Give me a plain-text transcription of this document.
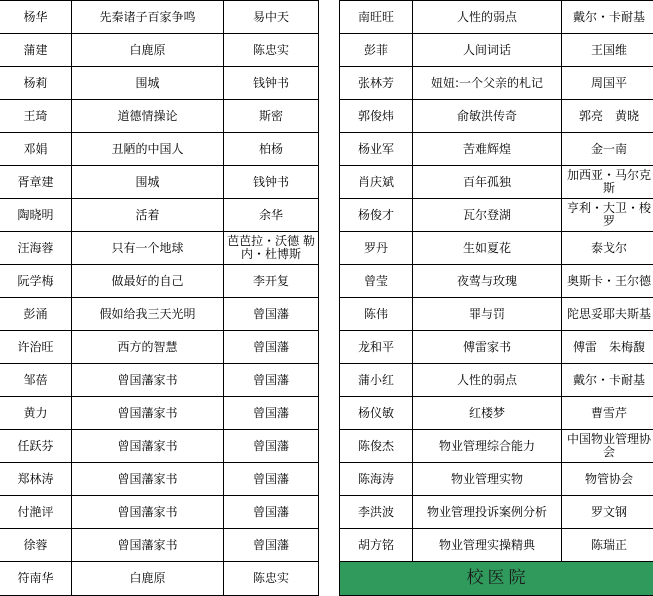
杨华	先秦诸子百家争鸣	易中天
蒲建	白鹿原	陈忠实
杨莉	围城	钱钟书
王琦	道德情操论	斯密
邓娟	丑陋的中国人	柏杨
胥章建	围城	钱钟书
陶晓明	活着	余华
汪海蓉	只有一个地球	芭芭拉・沃德 勒内・杜博斯
阮学梅	做最好的自己	李开复
彭涌	假如给我三天光明	曾国藩
许治旺	西方的智慧	曾国藩
邹蓓	曾国藩家书	曾国藩
黄力	曾国藩家书	曾国藩
任跃芬	曾国藩家书	曾国藩
郑林涛	曾国藩家书	曾国藩
付滟评	曾国藩家书	曾国藩
徐蓉	曾国藩家书	曾国藩
符南华	白鹿原	陈忠实
南旺旺	人性的弱点	戴尔・卡耐基
彭菲	人间词话	王国维
张林芳	妞妞:一个父亲的札记	周国平
郭俊炜	俞敏洪传奇	郭亮　黄晓
杨业军	苦难辉煌	金一南
肖庆斌	百年孤独	加西亚・马尔克斯
杨俊才	瓦尔登湖	亨利・大卫・梭罗
罗丹	生如夏花	泰戈尔
曾莹	夜莺与玫瑰	奥斯卡・王尔德
陈伟	罪与罚	陀思妥耶夫斯基
龙和平	傅雷家书	傅雷　朱梅馥
蒲小红	人性的弱点	戴尔・卡耐基
杨仪敏	红楼梦	曹雪芹
陈俊杰	物业管理综合能力	中国物业管理协会
陈海涛	物业管理实物	物管协会
李洪波	物业管理投诉案例分析	罗文钢
胡方铭	物业管理实操精典	陈瑞正
校医院		
